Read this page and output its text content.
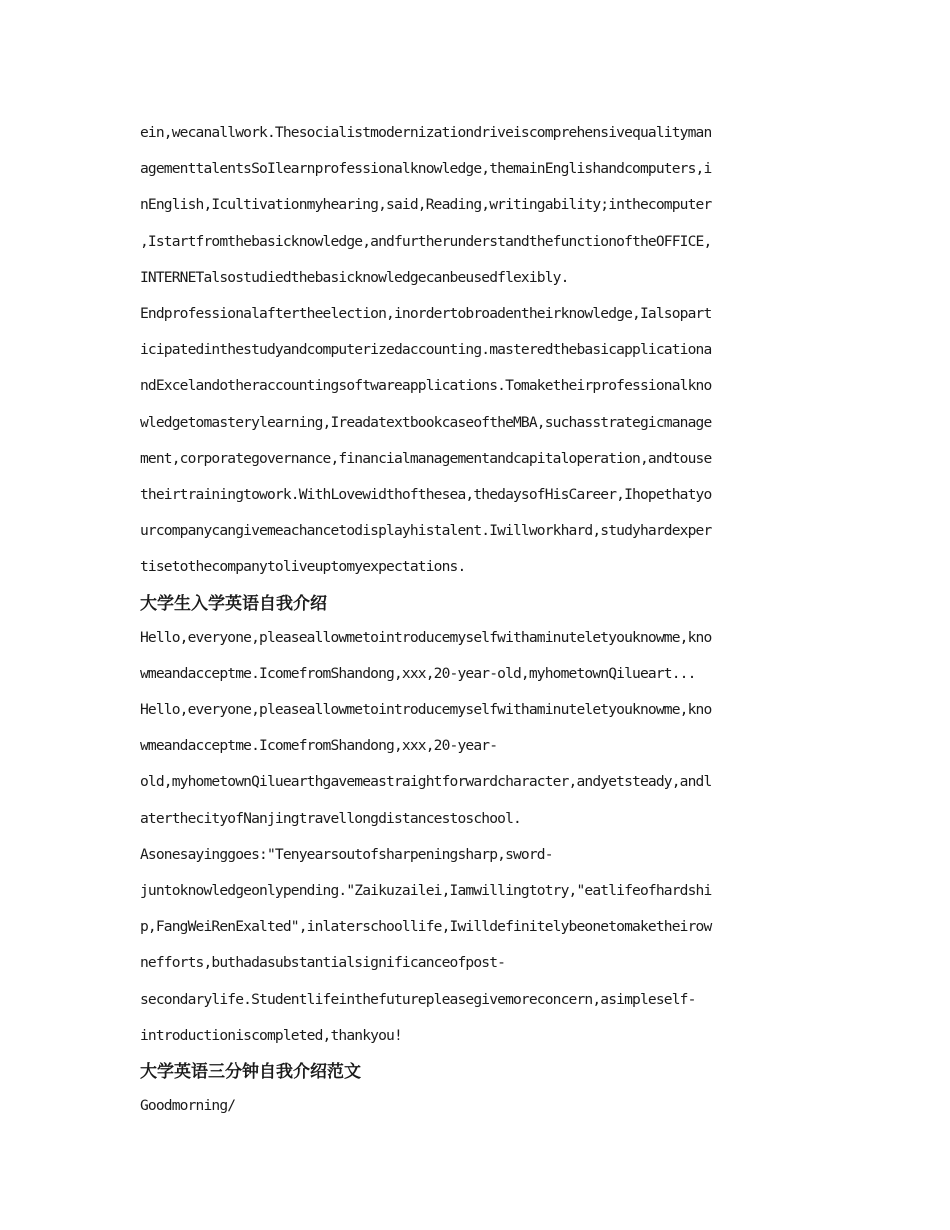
ein,wecanallwork.Thesocialistmodernizationdriveiscomprehensivequalityman

agementtalentsSoIlearnprofessionalknowledge,themainEnglishandcomputers,i

nEnglish,Icultivationmyhearing,said,Reading,writingability;inthecomputer

,Istartfromthebasicknowledge,andfurtherunderstandthefunctionoftheOFFICE,

INTERNETalsostudiedthebasicknowledgecanbeusedflexibly.

Endprofessionalaftertheelection,inordertobroadentheirknowledge,Ialsopart

icipatedinthestudyandcomputerizedaccounting.masteredthebasicapplicationa

ndExcelandotheraccountingsoftwareapplications.Tomaketheirprofessionalkno

wledgetomasterylearning,IreadatextbookcaseoftheMBA,suchasstrategicmanage

ment,corporategovernance,financialmanagementandcapitaloperation,andtouse

theirtrainingtowork.WithLovewidthofthesea,thedaysofHisCareer,Ihopethatyo

urcompanycangivemeachancetodisplayhistalent.Iwillworkhard,studyhardexper

tisetothecompanytoliveuptomyexpectations.

大学生入学英语自我介绍

Hello,everyone,pleaseallowmetointroducemyselfwithaminuteletyouknowme,kno

wmeandacceptme.IcomefromShandong,xxx,20-year-old,myhometownQilueart...

Hello,everyone,pleaseallowmetointroducemyselfwithaminuteletyouknowme,kno

wmeandacceptme.IcomefromShandong,xxx,20-year-

old,myhometownQiluearthgavemeastraightforwardcharacter,andyetsteady,andl

aterthecityofNanjingtravellongdistancestoschool.

Asonesayinggoes:"Tenyearsoutofsharpeningsharp,sword-

juntoknowledgeonlypending."Zaikuzailei,Iamwillingtotry,"eatlifeofhardshi

p,FangWeiRenExalted",inlaterschoollife,Iwilldefinitelybeonetomaketheirow

nefforts,buthadasubstantialsignificanceofpost-

secondarylife.Studentlifeinthefuturepleasegivemoreconcern,asimpleself-

introductioniscompleted,thankyou!

大学英语三分钟自我介绍范文

Goodmorning/
